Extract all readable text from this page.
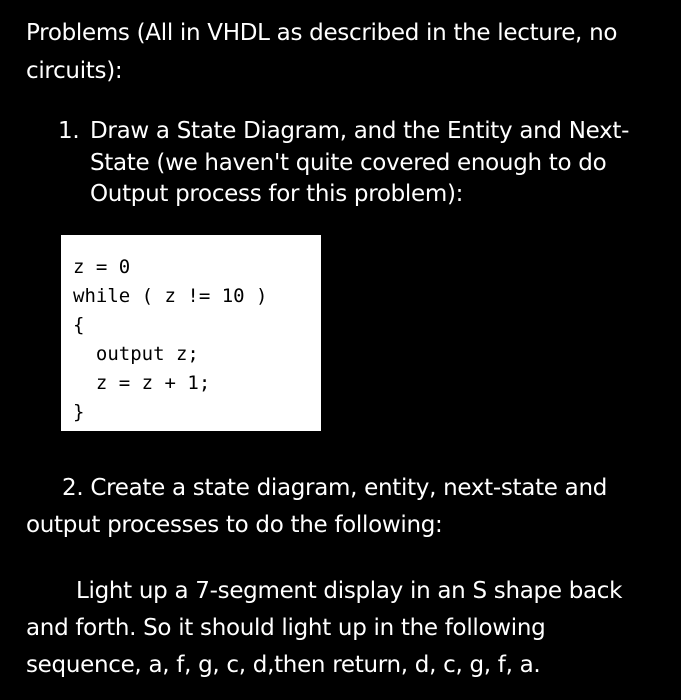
Problems (All in VHDL as described in the lecture, no circuits):
1. Draw a State Diagram, and the Entity and Next-State (we haven't quite covered enough to do Output process for this problem):
z = 0
while ( z != 10 )
{
output z;
z = z + 1;
}
2. Create a state diagram, entity, next-state and output processes to do the following:
Light up a 7-segment display in an S shape back and forth. So it should light up in the following sequence, a, f, g, c, d,then return, d, c, g, f, a.
